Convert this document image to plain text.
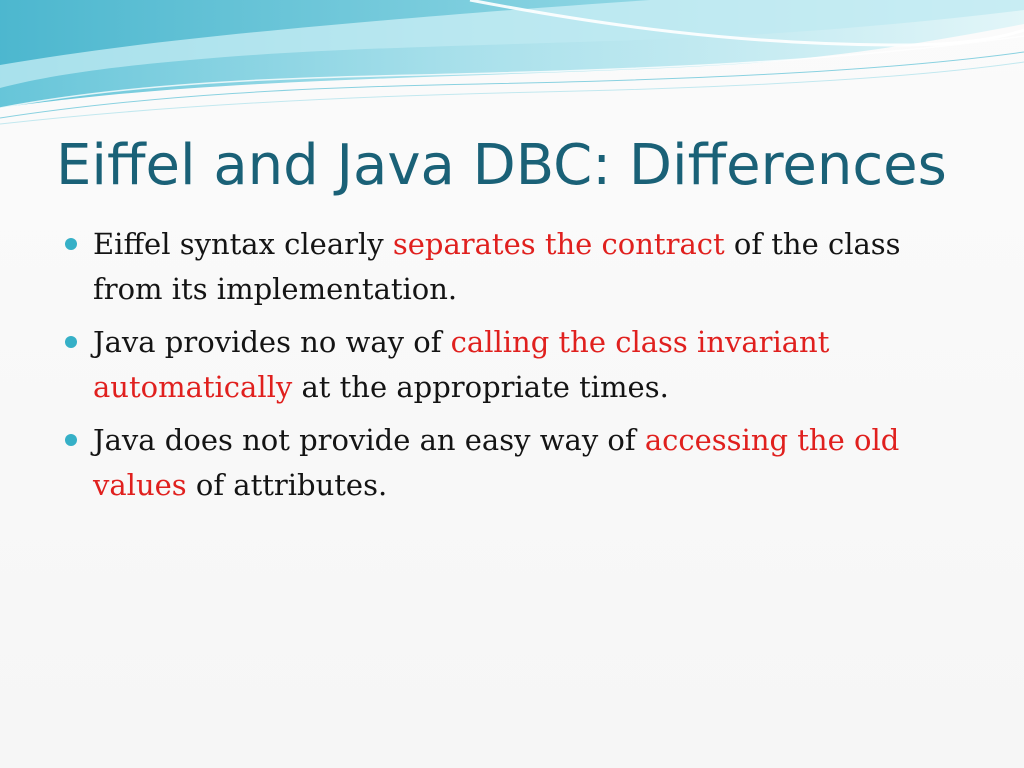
Eiffel and Java DBC: Differences
Eiffel syntax clearly separates the contract of the class from its implementation.
Java provides no way of calling the class invariant automatically at the appropriate times.
Java does not provide an easy way of accessing the old values of attributes.
